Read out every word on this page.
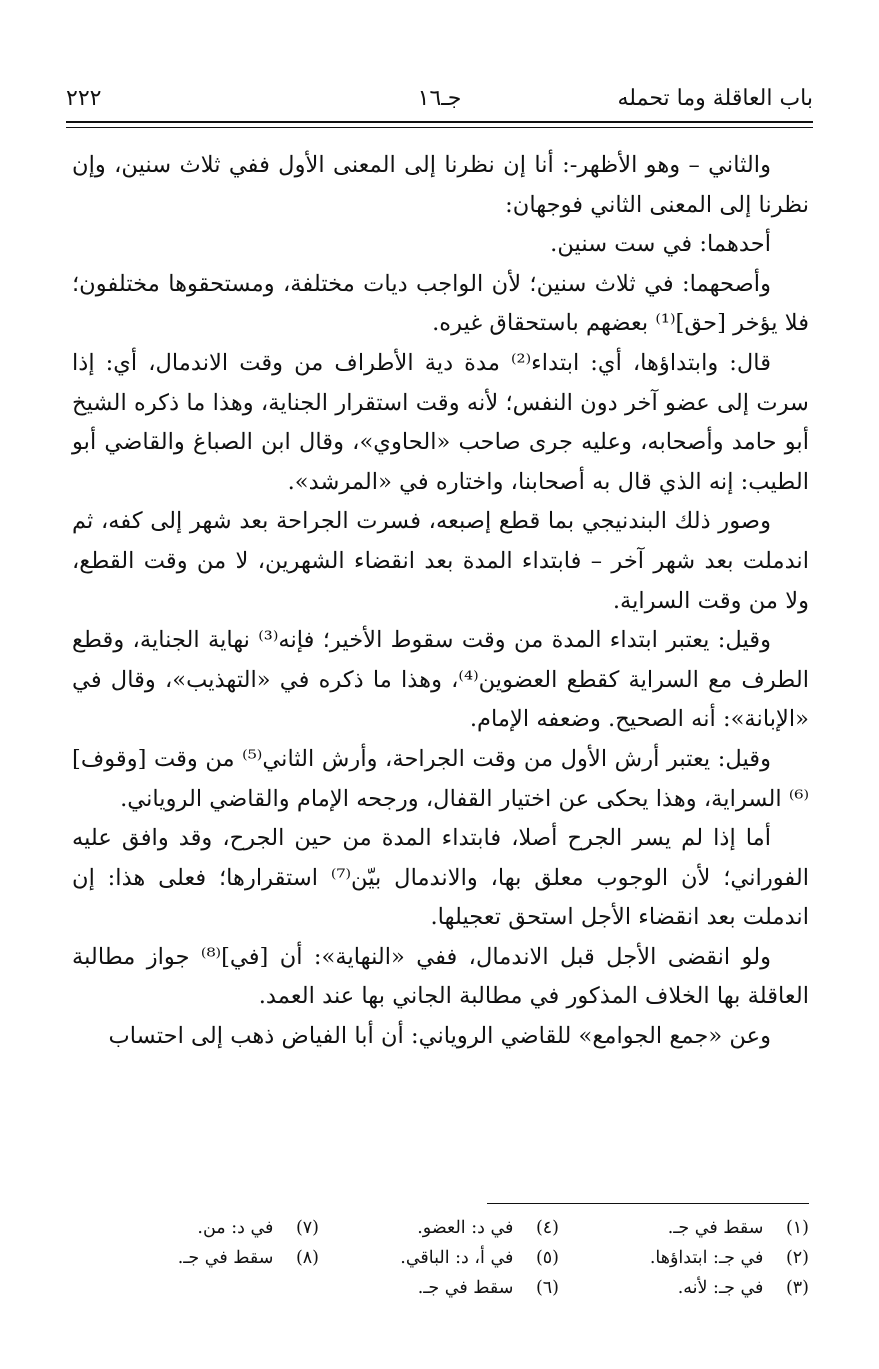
باب العاقلة وما تحمله
جـ١٦
٢٢٢

والثاني – وهو الأظهر-: أنا إن نظرنا إلى المعنى الأول ففي ثلاث سنين، وإن نظرنا إلى المعنى الثاني فوجهان:

أحدهما: في ست سنين.

وأصحهما: في ثلاث سنين؛ لأن الواجب ديات مختلفة، ومستحقوها مختلفون؛ فلا يؤخر [حق]⁽¹⁾ بعضهم باستحقاق غيره.

قال: وابتداؤها، أي: ابتداء⁽²⁾ مدة دية الأطراف من وقت الاندمال، أي: إذا سرت إلى عضو آخر دون النفس؛ لأنه وقت استقرار الجناية، وهذا ما ذكره الشيخ أبو حامد وأصحابه، وعليه جرى صاحب «الحاوي»، وقال ابن الصباغ والقاضي أبو الطيب: إنه الذي قال به أصحابنا، واختاره في «المرشد».

وصور ذلك البندنيجي بما قطع إصبعه، فسرت الجراحة بعد شهر إلى كفه، ثم اندملت بعد شهر آخر – فابتداء المدة بعد انقضاء الشهرين، لا من وقت القطع، ولا من وقت السراية.

وقيل: يعتبر ابتداء المدة من وقت سقوط الأخير؛ فإنه⁽³⁾ نهاية الجناية، وقطع الطرف مع السراية كقطع العضوين⁽⁴⁾، وهذا ما ذكره في «التهذيب»، وقال في «الإبانة»: أنه الصحيح. وضعفه الإمام.

وقيل: يعتبر أرش الأول من وقت الجراحة، وأرش الثاني⁽⁵⁾ من وقت [وقوف]⁽⁶⁾ السراية، وهذا يحكى عن اختيار القفال، ورجحه الإمام والقاضي الروياني.

أما إذا لم يسر الجرح أصلا، فابتداء المدة من حين الجرح، وقد وافق عليه الفوراني؛ لأن الوجوب معلق بها، والاندمال بيّن⁽⁷⁾ استقرارها؛ فعلى هذا: إن اندملت بعد انقضاء الأجل استحق تعجيلها.

ولو انقضى الأجل قبل الاندمال، ففي «النهاية»: أن [في]⁽⁸⁾ جواز مطالبة العاقلة بها الخلاف المذكور في مطالبة الجاني بها عند العمد.

وعن «جمع الجوامع» للقاضي الروياني: أن أبا الفياض ذهب إلى احتساب

(١) سقط في جـ.
(٢) في جـ: ابتداؤها.
(٣) في جـ: لأنه.
(٤) في د: العضو.
(٥) في أ، د: الباقي.
(٦) سقط في جـ.
(٧) في د: من.
(٨) سقط في جـ.
